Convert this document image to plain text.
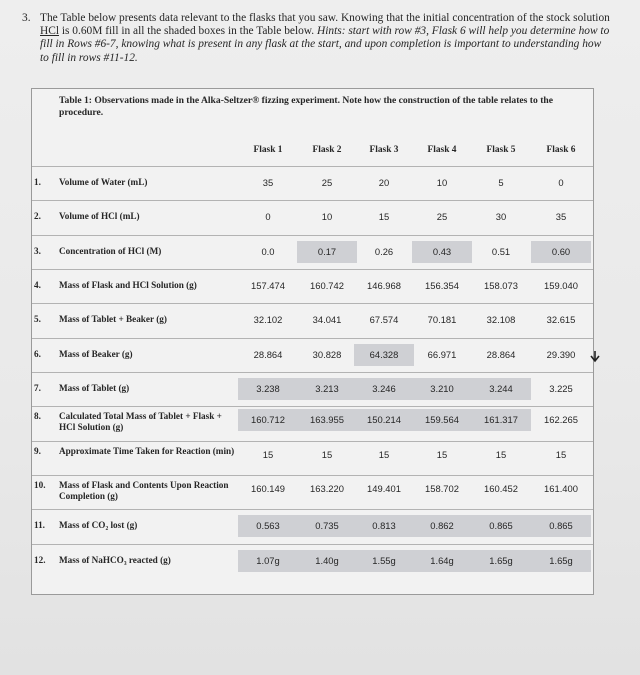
3. The Table below presents data relevant to the flasks that you saw. Knowing that the initial concentration of the stock solution HCl is 0.60M fill in all the shaded boxes in the Table below. Hints: start with row #3, Flask 6 will help you determine how to fill in Rows #6-7, knowing what is present in any flask at the start, and upon completion is important to understanding how to fill in rows #11-12.
Table 1: Observations made in the Alka-Seltzer® fizzing experiment. Note how the construction of the table relates to the procedure.
Flask 1	Flask 2	Flask 3	Flask 4	Flask 5	Flask 6
1. Volume of Water (mL)	35	25	20	10	5	0
2. Volume of HCl (mL)	0	10	15	25	30	35
3. Concentration of HCl (M)	0.0	0.17	0.26	0.43	0.51	0.60
4. Mass of Flask and HCl Solution (g)	157.474	160.742	146.968	156.354	158.073	159.040
5. Mass of Tablet + Beaker (g)	32.102	34.041	67.574	70.181	32.108	32.615
6. Mass of Beaker (g)	28.864	30.828	64.328	66.971	28.864	29.390
7. Mass of Tablet (g)	3.238	3.213	3.246	3.210	3.244	3.225
8. Calculated Total Mass of Tablet + Flask + HCl Solution (g)
160.712	163.955	150.214	159.564	161.317	162.265
9. Approximate Time Taken for Reaction (min)	15	15	15	15	15	15
10. Mass of Flask and Contents Upon Reaction Completion (g)
160.149	163.220	149.401	158.702	160.452	161.400
11. Mass of CO₂ lost (g)	0.563	0.735	0.813	0.862	0.865	0.865
12. Mass of NaHCO₃ reacted (g)	1.07g	1.40g	1.55g	1.64g	1.65g	1.65g
